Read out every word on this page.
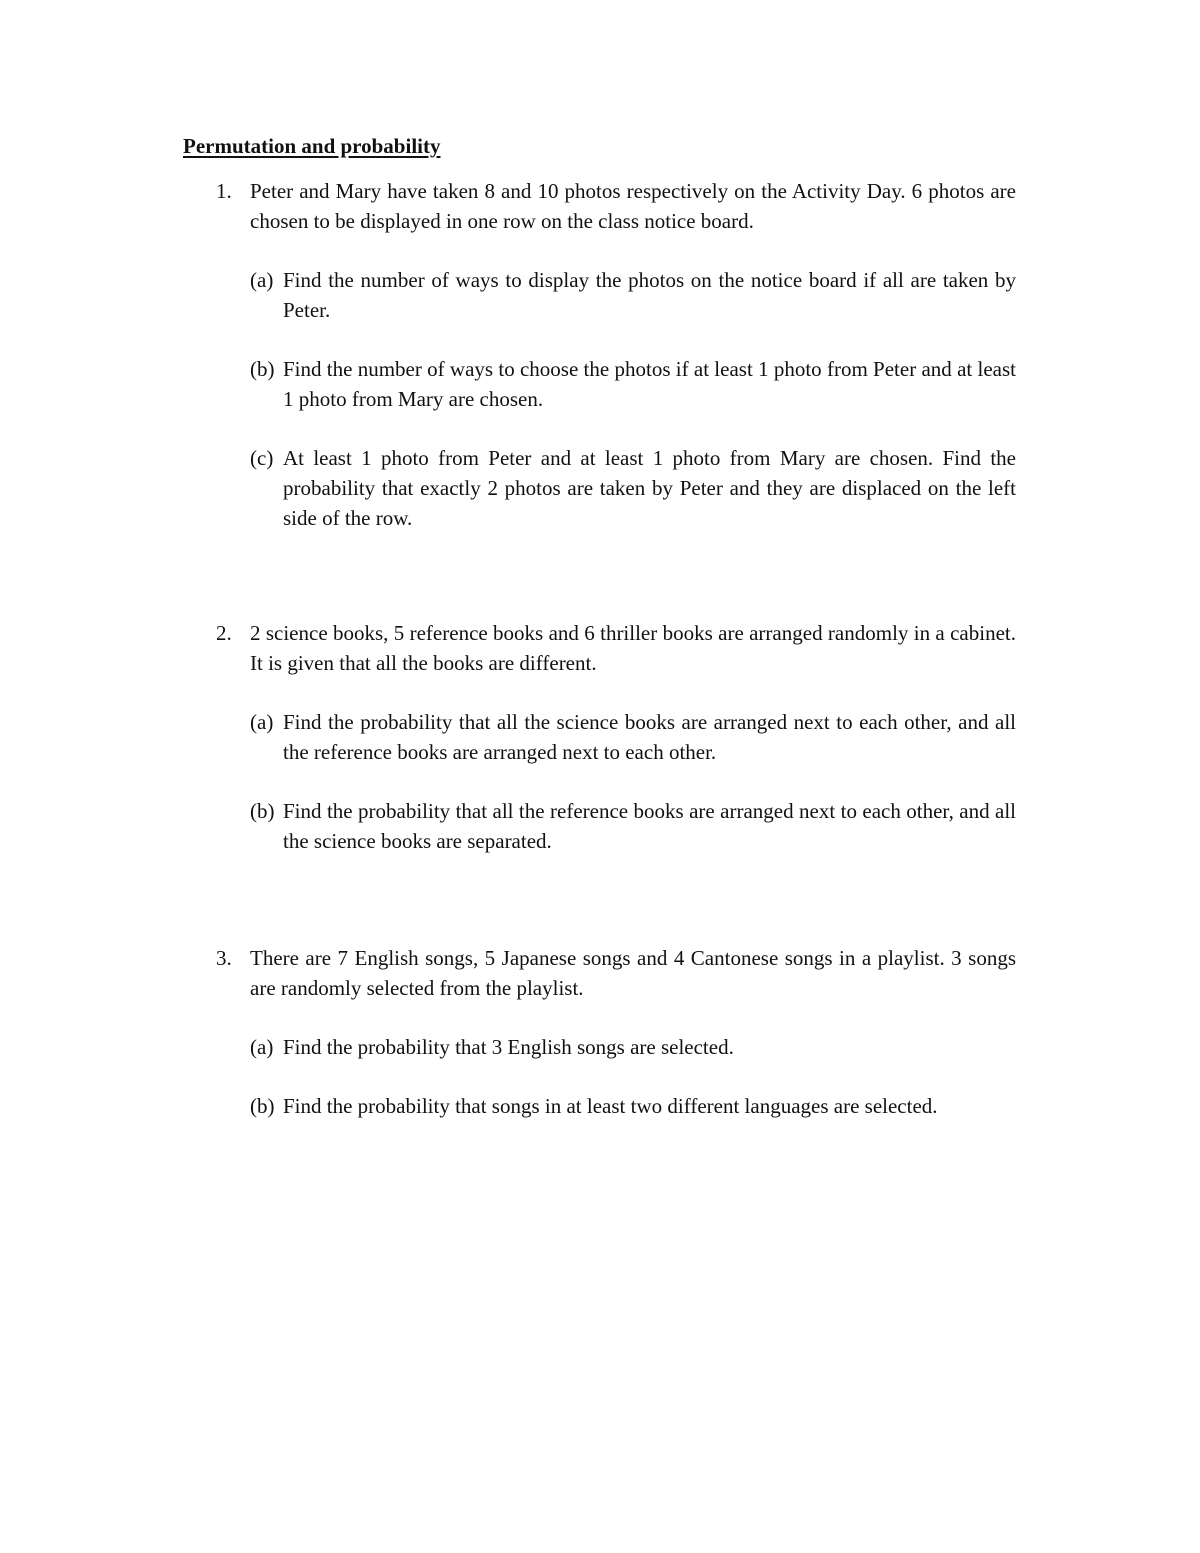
Permutation and probability
1. Peter and Mary have taken 8 and 10 photos respectively on the Activity Day. 6 photos are chosen to be displayed in one row on the class notice board.
(a) Find the number of ways to display the photos on the notice board if all are taken by Peter.
(b) Find the number of ways to choose the photos if at least 1 photo from Peter and at least 1 photo from Mary are chosen.
(c) At least 1 photo from Peter and at least 1 photo from Mary are chosen. Find the probability that exactly 2 photos are taken by Peter and they are displaced on the left side of the row.
2. 2 science books, 5 reference books and 6 thriller books are arranged randomly in a cabinet. It is given that all the books are different.
(a) Find the probability that all the science books are arranged next to each other, and all the reference books are arranged next to each other.
(b) Find the probability that all the reference books are arranged next to each other, and all the science books are separated.
3. There are 7 English songs, 5 Japanese songs and 4 Cantonese songs in a playlist. 3 songs are randomly selected from the playlist.
(a) Find the probability that 3 English songs are selected.
(b) Find the probability that songs in at least two different languages are selected.
